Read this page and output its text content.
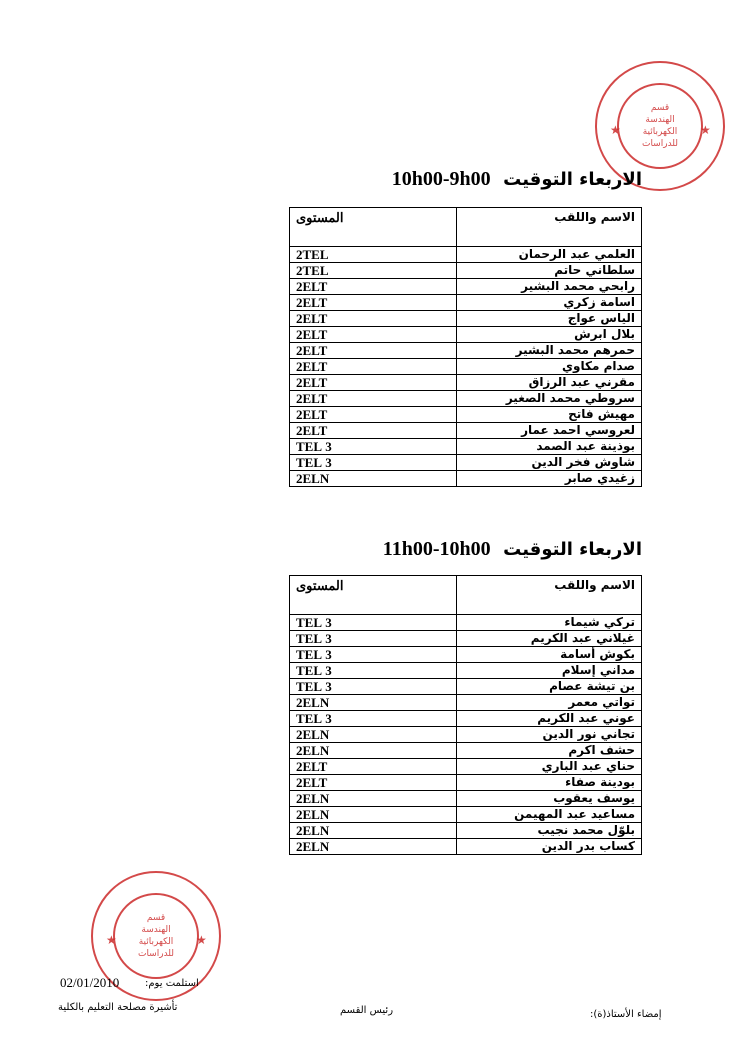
★	★
قسم
الهندسة
الكهربائية
للدراسات
الاربعاء التوقيت  10h00-9h00
الاسم واللقب	المستوى
العلمي عبد الرحمان	2TEL
سلطاني حاتم	2TEL
رابحي محمد البشير	2ELT
اسامة زكري	2ELT
الياس عواج	2ELT
بلال ابرش	2ELT
حمرهم محمد البشير	2ELT
صدام مكاوي	2ELT
مقرني عبد الرزاق	2ELT
سروطي محمد الصغير	2ELT
مهيش فاتح	2ELT
لعروسي احمد عمار	2ELT
بوذينة عبد الصمد	3 TEL
شاوش فخر الدين	3 TEL
زغيدي صابر	2ELN
الاربعاء التوقيت  11h00-10h00
الاسم واللقب	المستوى
تركي شيماء	3 TEL
غيلاني عبد الكريم	3 TEL
بكوش أسامة	3 TEL
مداني إسلام	3 TEL
بن تيشة عصام	3 TEL
تواتي معمر	2ELN
عوني عبد الكريم	3 TEL
تجاني نور الدين	2ELN
حشف اكرم	2ELN
حناي عبد الباري	2ELT
بودينة صفاء	2ELT
يوسف يعقوب	2ELN
مساعيد عبد المهيمن	2ELN
بلوّل محمد نجيب	2ELN
كساب بدر الدين	2ELN
★	★
قسم
الهندسة
الكهربائية
للدراسات
02/01/2010	استلمت يوم:
تأشيرة مصلحة التعليم بالكلية	رئيس القسم	إمضاء الأستاذ(ة):
